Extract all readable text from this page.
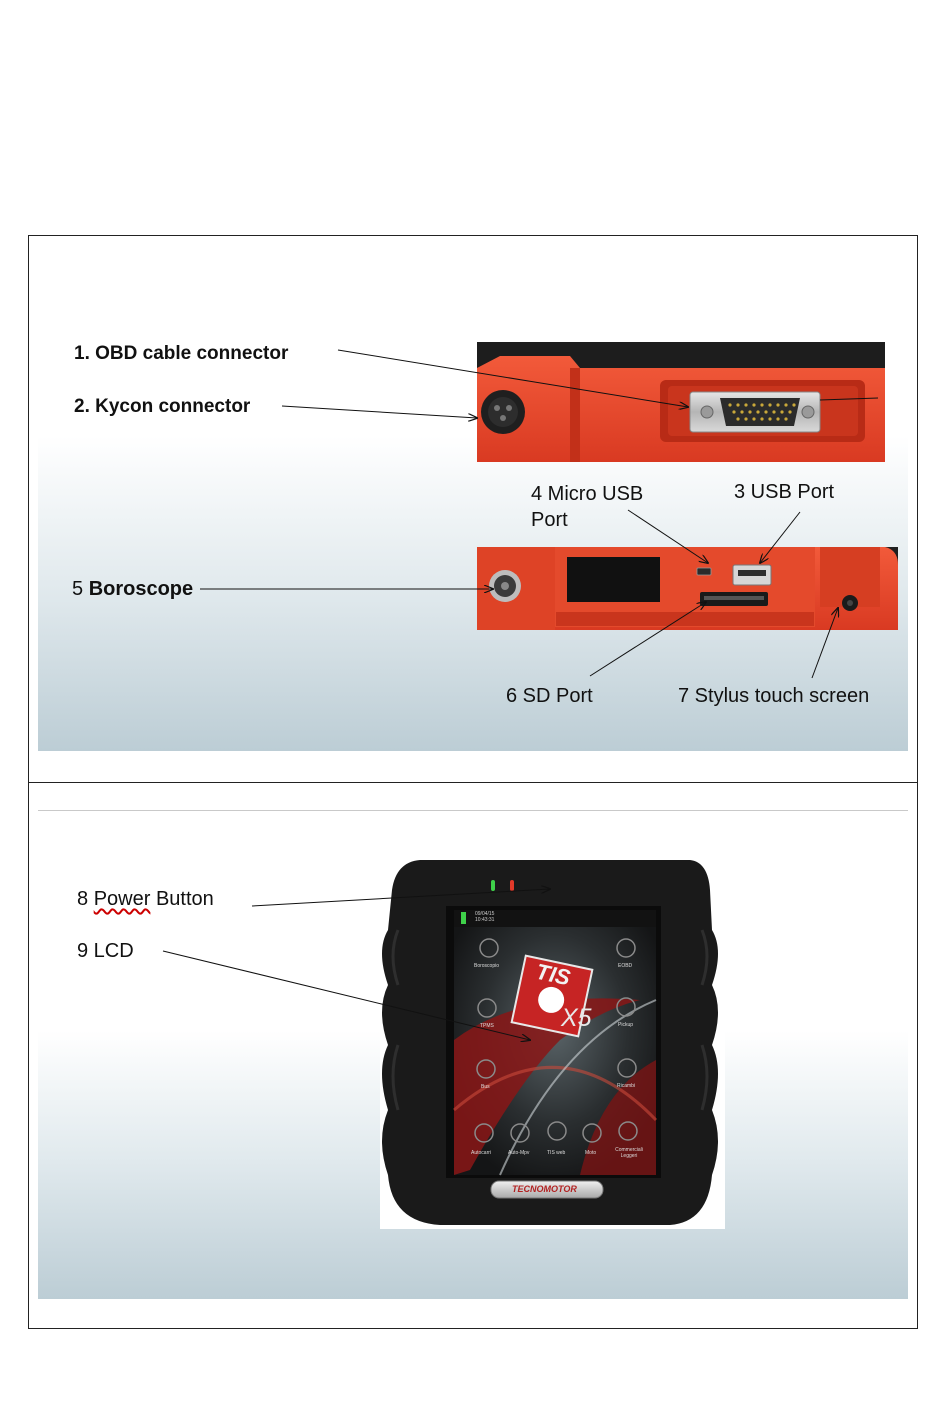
09/04/15
10:43:31
TIS
X5
TECNOMOTOR
Boroscopio	EOBD
TPMS	Pickup
Bus	Ricambi
Autocarri	Auto-Mpv	TIS web	Moto	Commerciali Leggeri
1. OBD cable connector
2. Kycon connector
4 Micro USB
Port
3 USB Port
5 Boroscope
6 SD Port	7 Stylus touch screen
8 Power Button
9 LCD
